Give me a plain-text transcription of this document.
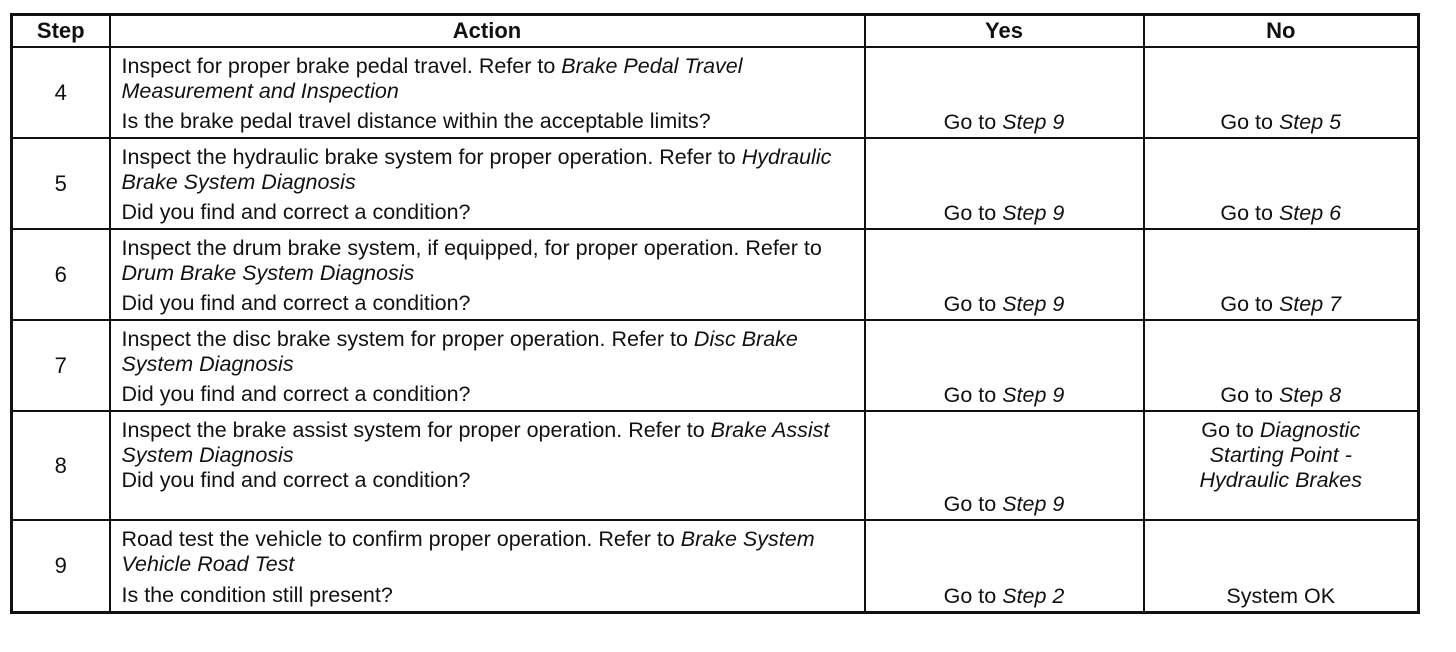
Step	Action	Yes	No
4	Inspect for proper brake pedal travel. Refer to Brake Pedal Travel Measurement and Inspection
Is the brake pedal travel distance within the acceptable limits?	Go to Step 9	Go to Step 5

5	Inspect the hydraulic brake system for proper operation. Refer to Hydraulic Brake System Diagnosis
Did you find and correct a condition?	Go to Step 9	Go to Step 6

6	Inspect the drum brake system, if equipped, for proper operation. Refer to Drum Brake System Diagnosis
Did you find and correct a condition?	Go to Step 9	Go to Step 7

7	Inspect the disc brake system for proper operation. Refer to Disc Brake System Diagnosis
Did you find and correct a condition?	Go to Step 9	Go to Step 8

8	Inspect the brake assist system for proper operation. Refer to Brake Assist System Diagnosis
Did you find and correct a condition?	Go to Step 9	Go to Diagnostic Starting Point - Hydraulic Brakes

9	Road test the vehicle to confirm proper operation. Refer to Brake System Vehicle Road Test
Is the condition still present?	Go to Step 2	System OK
